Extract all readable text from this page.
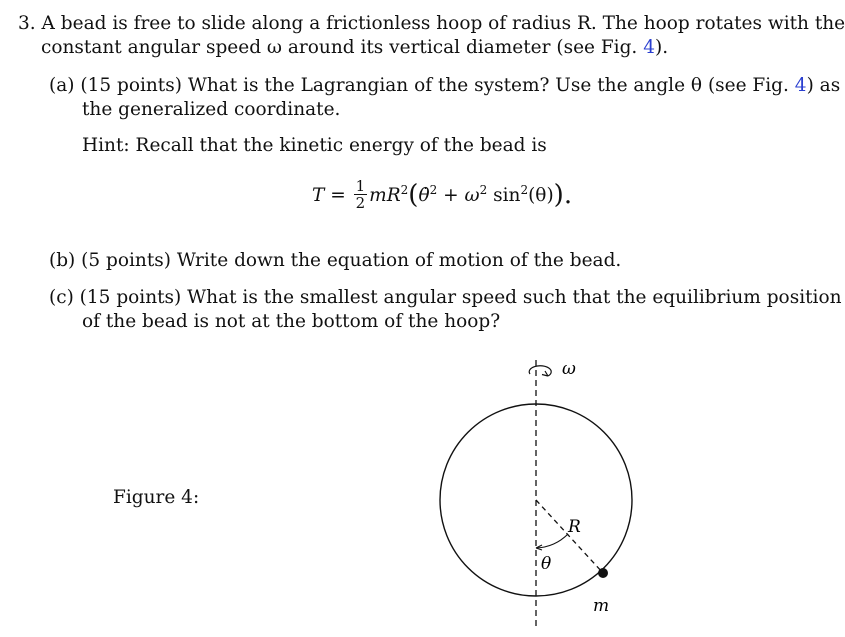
3. A bead is free to slide along a frictionless hoop of radius R. The hoop rotates with the
constant angular speed ω around its vertical diameter (see Fig. 4).
(a) (15 points) What is the Lagrangian of the system? Use the angle θ (see Fig. 4) as
the generalized coordinate.
Hint: Recall that the kinetic energy of the bead is
$T = \frac{1}{2}$ $mR^2(\thetȧ^2 + \omega^2$ $\sin^2(\theta)$).
(b) (5 points) Write down the equation of motion of the bead.
(c) (15 points) What is the smallest angular speed such that the equilibrium position
of the bead is not at the bottom of the hoop?
Figure 4:
ω
R
θ
m
